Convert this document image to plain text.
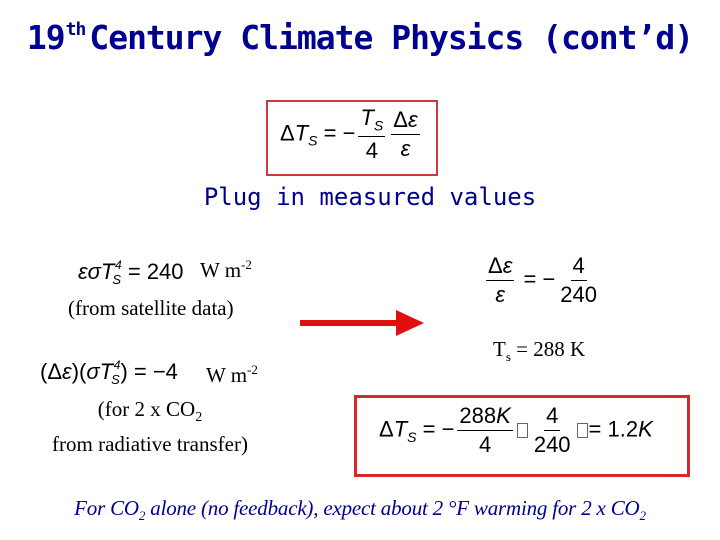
19th Century Climate Physics (cont’d)
$\Delta T_S$ = − $\frac{T_S}{4} \frac{\Delta\varepsilon}{\varepsilon}$
Plug in measured values
εσT$_S^4$ = 240 W $m^{-2}$
(from satellite data)
$(\Delta\varepsilon)(\sigma T_S^4) = -4$ W $m^{-2}$
(for 2 x $CO_2$
from radiative transfer)
$\frac{\Delta\varepsilon}{\varepsilon}$ = − $\frac{4}{240}$
$T_s = 288$ K
$\Delta T_S$ = − $\frac{288K}{4} \frac{4}{240} = 1.2K$
For $CO_2$ alone (no feedback), expect about 2 °F warming for 2 x $CO_2$
